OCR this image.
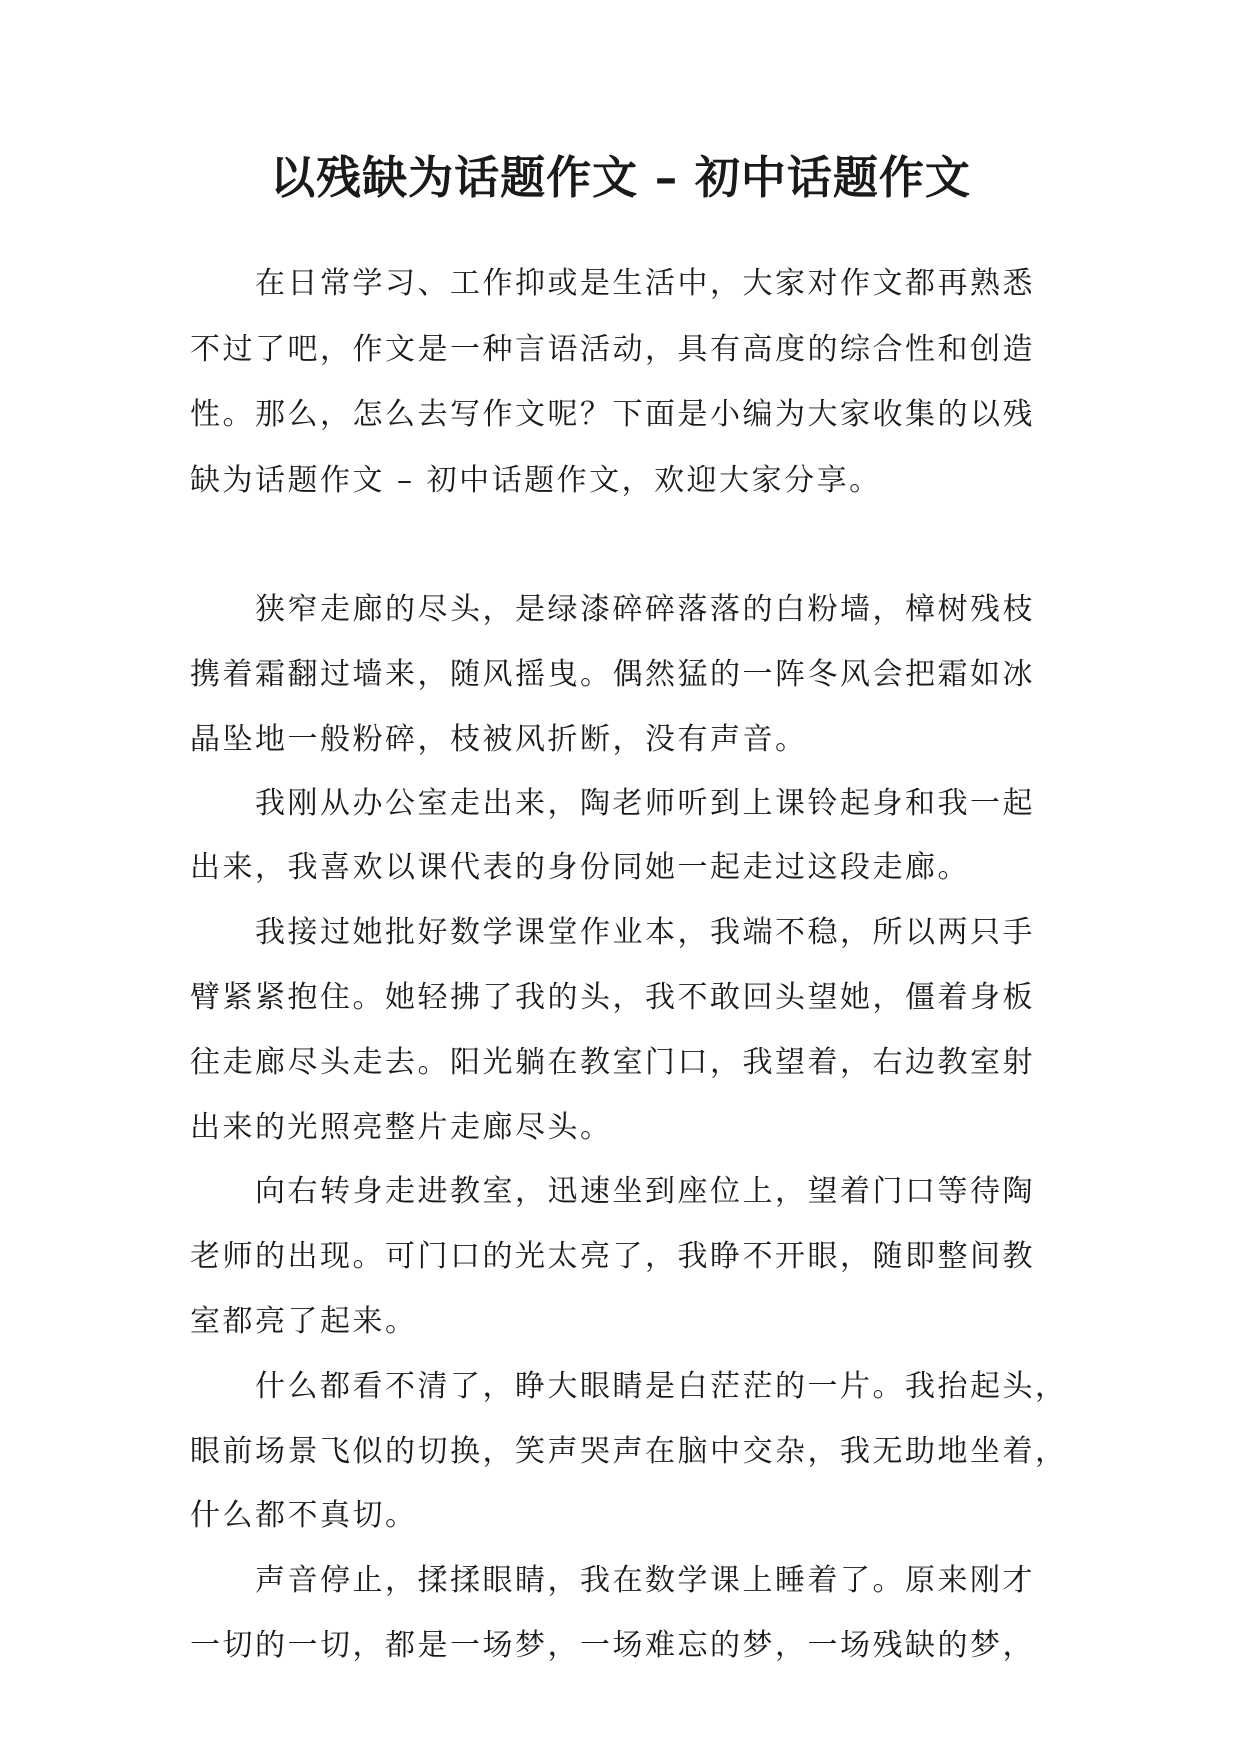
以残缺为话题作文 – 初中话题作文
　　在日常学习、工作抑或是生活中，大家对作文都再熟悉
不过了吧，作文是一种言语活动，具有高度的综合性和创造
性。那么，怎么去写作文呢？下面是小编为大家收集的以残
缺为话题作文 – 初中话题作文，欢迎大家分享。
　　狭窄走廊的尽头，是绿漆碎碎落落的白粉墙，樟树残枝
携着霜翻过墙来，随风摇曳。偶然猛的一阵冬风会把霜如冰
晶坠地一般粉碎，枝被风折断，没有声音。
　　我刚从办公室走出来，陶老师听到上课铃起身和我一起
出来，我喜欢以课代表的身份同她一起走过这段走廊。
　　我接过她批好数学课堂作业本，我端不稳，所以两只手
臂紧紧抱住。她轻拂了我的头，我不敢回头望她，僵着身板
往走廊尽头走去。阳光躺在教室门口，我望着，右边教室射
出来的光照亮整片走廊尽头。
　　向右转身走进教室，迅速坐到座位上，望着门口等待陶
老师的出现。可门口的光太亮了，我睁不开眼，随即整间教
室都亮了起来。
　　什么都看不清了，睁大眼睛是白茫茫的一片。我抬起头，
眼前场景飞似的切换，笑声哭声在脑中交杂，我无助地坐着，
什么都不真切。
　　声音停止，揉揉眼睛，我在数学课上睡着了。原来刚才
一切的一切，都是一场梦，一场难忘的梦，一场残缺的梦，
